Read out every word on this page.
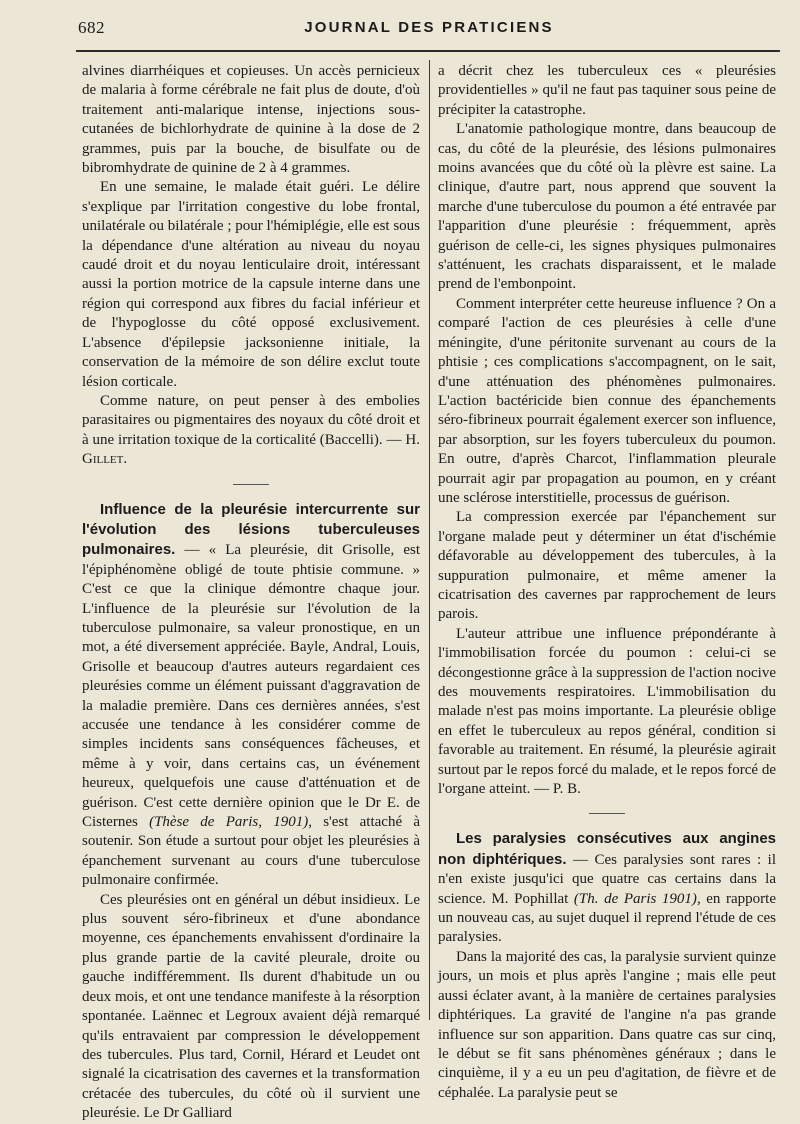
682	JOURNAL DES PRATICIENS

alvines diarrhéiques et copieuses. Un accès pernicieux de malaria à forme cérébrale ne fait plus de doute, d'où traitement anti-malarique intense, injections sous-cutanées de bichlorhydrate de quinine à la dose de 2 grammes, puis par la bouche, de bisulfate ou de bibromhydrate de quinine de 2 à 4 grammes.

En une semaine, le malade était guéri. Le délire s'explique par l'irritation congestive du lobe frontal, unilatérale ou bilatérale ; pour l'hémiplégie, elle est sous la dépendance d'une altération au niveau du noyau caudé droit et du noyau lenticulaire droit, intéressant aussi la portion motrice de la capsule interne dans une région qui correspond aux fibres du facial inférieur et de l'hypoglosse du côté opposé exclusivement. L'absence d'épilepsie jacksonienne initiale, la conservation de la mémoire de son délire exclut toute lésion corticale.

Comme nature, on peut penser à des embolies parasitaires ou pigmentaires des noyaux du côté droit et à une irritation toxique de la corticalité (Baccelli). — H. Gillet.

Influence de la pleurésie intercurrente sur l'évolution des lésions tuberculeuses pulmonaires. — « La pleurésie, dit Grisolle, est l'épiphénomène obligé de toute phtisie commune. » C'est ce que la clinique démontre chaque jour. L'influence de la pleurésie sur l'évolution de la tuberculose pulmonaire, sa valeur pronostique, en un mot, a été diversement appréciée. Bayle, Andral, Louis, Grisolle et beaucoup d'autres auteurs regardaient ces pleurésies comme un élément puissant d'aggravation de la maladie première. Dans ces dernières années, s'est accusée une tendance à les considérer comme de simples incidents sans conséquences fâcheuses, et même à y voir, dans certains cas, un événement heureux, quelquefois une cause d'atténuation et de guérison. C'est cette dernière opinion que le Dr E. de Cisternes (Thèse de Paris, 1901), s'est attaché à soutenir. Son étude a surtout pour objet les pleurésies à épanchement survenant au cours d'une tuberculose pulmonaire confirmée.

Ces pleurésies ont en général un début insidieux. Le plus souvent séro-fibrineux et d'une abondance moyenne, ces épanchements envahissent d'ordinaire la plus grande partie de la cavité pleurale, droite ou gauche indifféremment. Ils durent d'habitude un ou deux mois, et ont une tendance manifeste à la résorption spontanée. Laënnec et Legroux avaient déjà remarqué qu'ils entravaient par compression le développement des tubercules. Plus tard, Cornil, Hérard et Leudet ont signalé la cicatrisation des cavernes et la transformation crétacée des tubercules, du côté où il survient une pleurésie. Le Dr Galliard

a décrit chez les tuberculeux ces « pleurésies providentielles » qu'il ne faut pas taquiner sous peine de précipiter la catastrophe.

L'anatomie pathologique montre, dans beaucoup de cas, du côté de la pleurésie, des lésions pulmonaires moins avancées que du côté où la plèvre est saine. La clinique, d'autre part, nous apprend que souvent la marche d'une tuberculose du poumon a été entravée par l'apparition d'une pleurésie : fréquemment, après guérison de celle-ci, les signes physiques pulmonaires s'atténuent, les crachats disparaissent, et le malade prend de l'embonpoint.

Comment interpréter cette heureuse influence ? On a comparé l'action de ces pleurésies à celle d'une méningite, d'une péritonite survenant au cours de la phtisie ; ces complications s'accompagnent, on le sait, d'une atténuation des phénomènes pulmonaires. L'action bactéricide bien connue des épanchements séro-fibrineux pourrait également exercer son influence, par absorption, sur les foyers tuberculeux du poumon. En outre, d'après Charcot, l'inflammation pleurale pourrait agir par propagation au poumon, en y créant une sclérose interstitielle, processus de guérison.

La compression exercée par l'épanchement sur l'organe malade peut y déterminer un état d'ischémie défavorable au développement des tubercules, à la suppuration pulmonaire, et même amener la cicatrisation des cavernes par rapprochement de leurs parois.

L'auteur attribue une influence prépondérante à l'immobilisation forcée du poumon : celui-ci se décongestionne grâce à la suppression de l'action nocive des mouvements respiratoires. L'immobilisation du malade n'est pas moins importante. La pleurésie oblige en effet le tuberculeux au repos général, condition si favorable au traitement. En résumé, la pleurésie agirait surtout par le repos forcé du malade, et le repos forcé de l'organe atteint. — P. B.

Les paralysies consécutives aux angines non diphtériques. — Ces paralysies sont rares : il n'en existe jusqu'ici que quatre cas certains dans la science. M. Pophillat (Th. de Paris 1901), en rapporte un nouveau cas, au sujet duquel il reprend l'étude de ces paralysies.

Dans la majorité des cas, la paralysie survient quinze jours, un mois et plus après l'angine ; mais elle peut aussi éclater avant, à la manière de certaines paralysies diphtériques. La gravité de l'angine n'a pas grande influence sur son apparition. Dans quatre cas sur cinq, le début se fit sans phénomènes généraux ; dans le cinquième, il y a eu un peu d'agitation, de fièvre et de céphalée. La paralysie peut se
